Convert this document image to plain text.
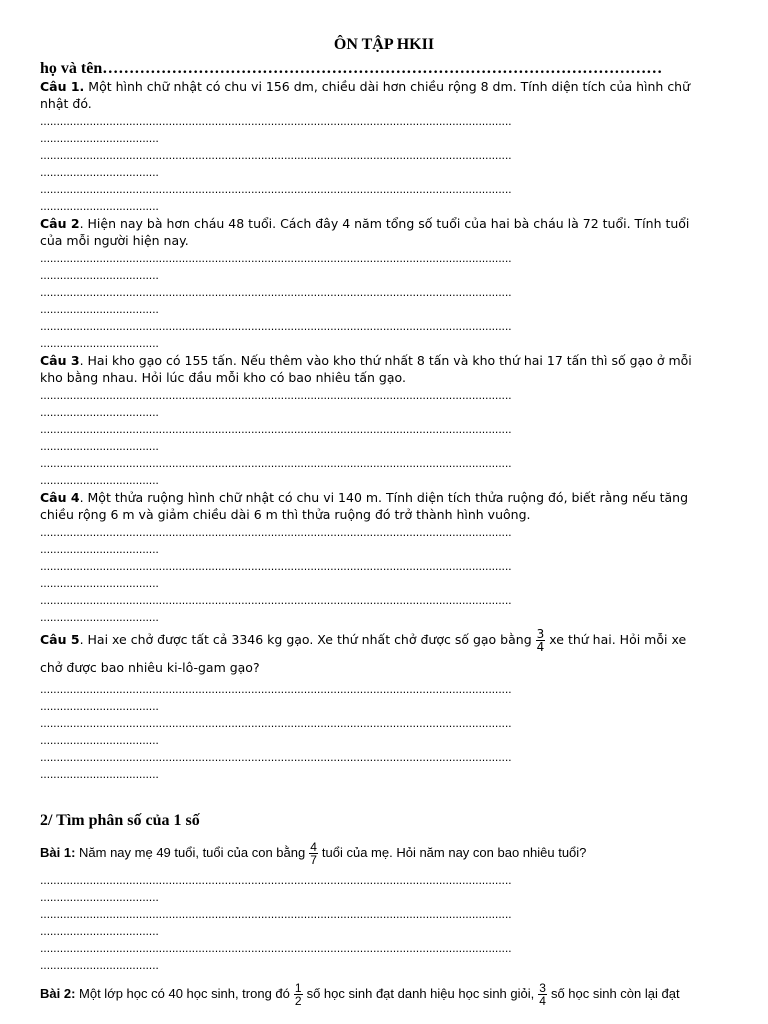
ÔN TẬP HKII
họ và tên……………………………………………………………………………………………
Câu 1. Một hình chữ nhật có chu vi 156 dm, chiều dài hơn chiều rộng 8 dm. Tính diện tích của hình chữ nhật đó.
...............................................................................................................................................
....................................
...............................................................................................................................................
....................................
...............................................................................................................................................
....................................
Câu 2. Hiện nay bà hơn cháu 48 tuổi. Cách đây 4 năm tổng số tuổi của hai bà cháu là 72 tuổi. Tính tuổi của mỗi người hiện nay.
...............................................................................................................................................
....................................
...............................................................................................................................................
....................................
...............................................................................................................................................
....................................
Câu 3. Hai kho gạo có 155 tấn. Nếu thêm vào kho thứ nhất 8 tấn và kho thứ hai 17 tấn thì số gạo ở mỗi kho bằng nhau. Hỏi lúc đầu mỗi kho có bao nhiêu tấn gạo.
...............................................................................................................................................
....................................
...............................................................................................................................................
....................................
...............................................................................................................................................
....................................
Câu 4. Một thửa ruộng hình chữ nhật có chu vi 140 m. Tính diện tích thửa ruộng đó, biết rằng nếu tăng chiều rộng 6 m và giảm chiều dài 6 m thì thửa ruộng đó trở thành hình vuông.
...............................................................................................................................................
....................................
...............................................................................................................................................
....................................
...............................................................................................................................................
....................................
Câu 5. Hai xe chở được tất cả 3346 kg gạo. Xe thứ nhất chở được số gạo bằng $\frac{3}{4}$ xe thứ hai. Hỏi mỗi xe chở được bao nhiêu ki-lô-gam gạo?
...............................................................................................................................................
....................................
...............................................................................................................................................
....................................
...............................................................................................................................................
....................................
2/ Tìm phân số của 1 số
Bài 1: Năm nay mẹ 49 tuổi, tuổi của con bằng $\frac{4}{7}$ tuổi của mẹ. Hỏi năm nay con bao nhiêu tuổi?
...............................................................................................................................................
....................................
...............................................................................................................................................
....................................
...............................................................................................................................................
....................................
Bài 2: Một lớp học có 40 học sinh, trong đó $\frac{1}{2}$ số học sinh đạt danh hiệu học sinh giỏi, $\frac{3}{4}$ số học sinh còn lại đạt
